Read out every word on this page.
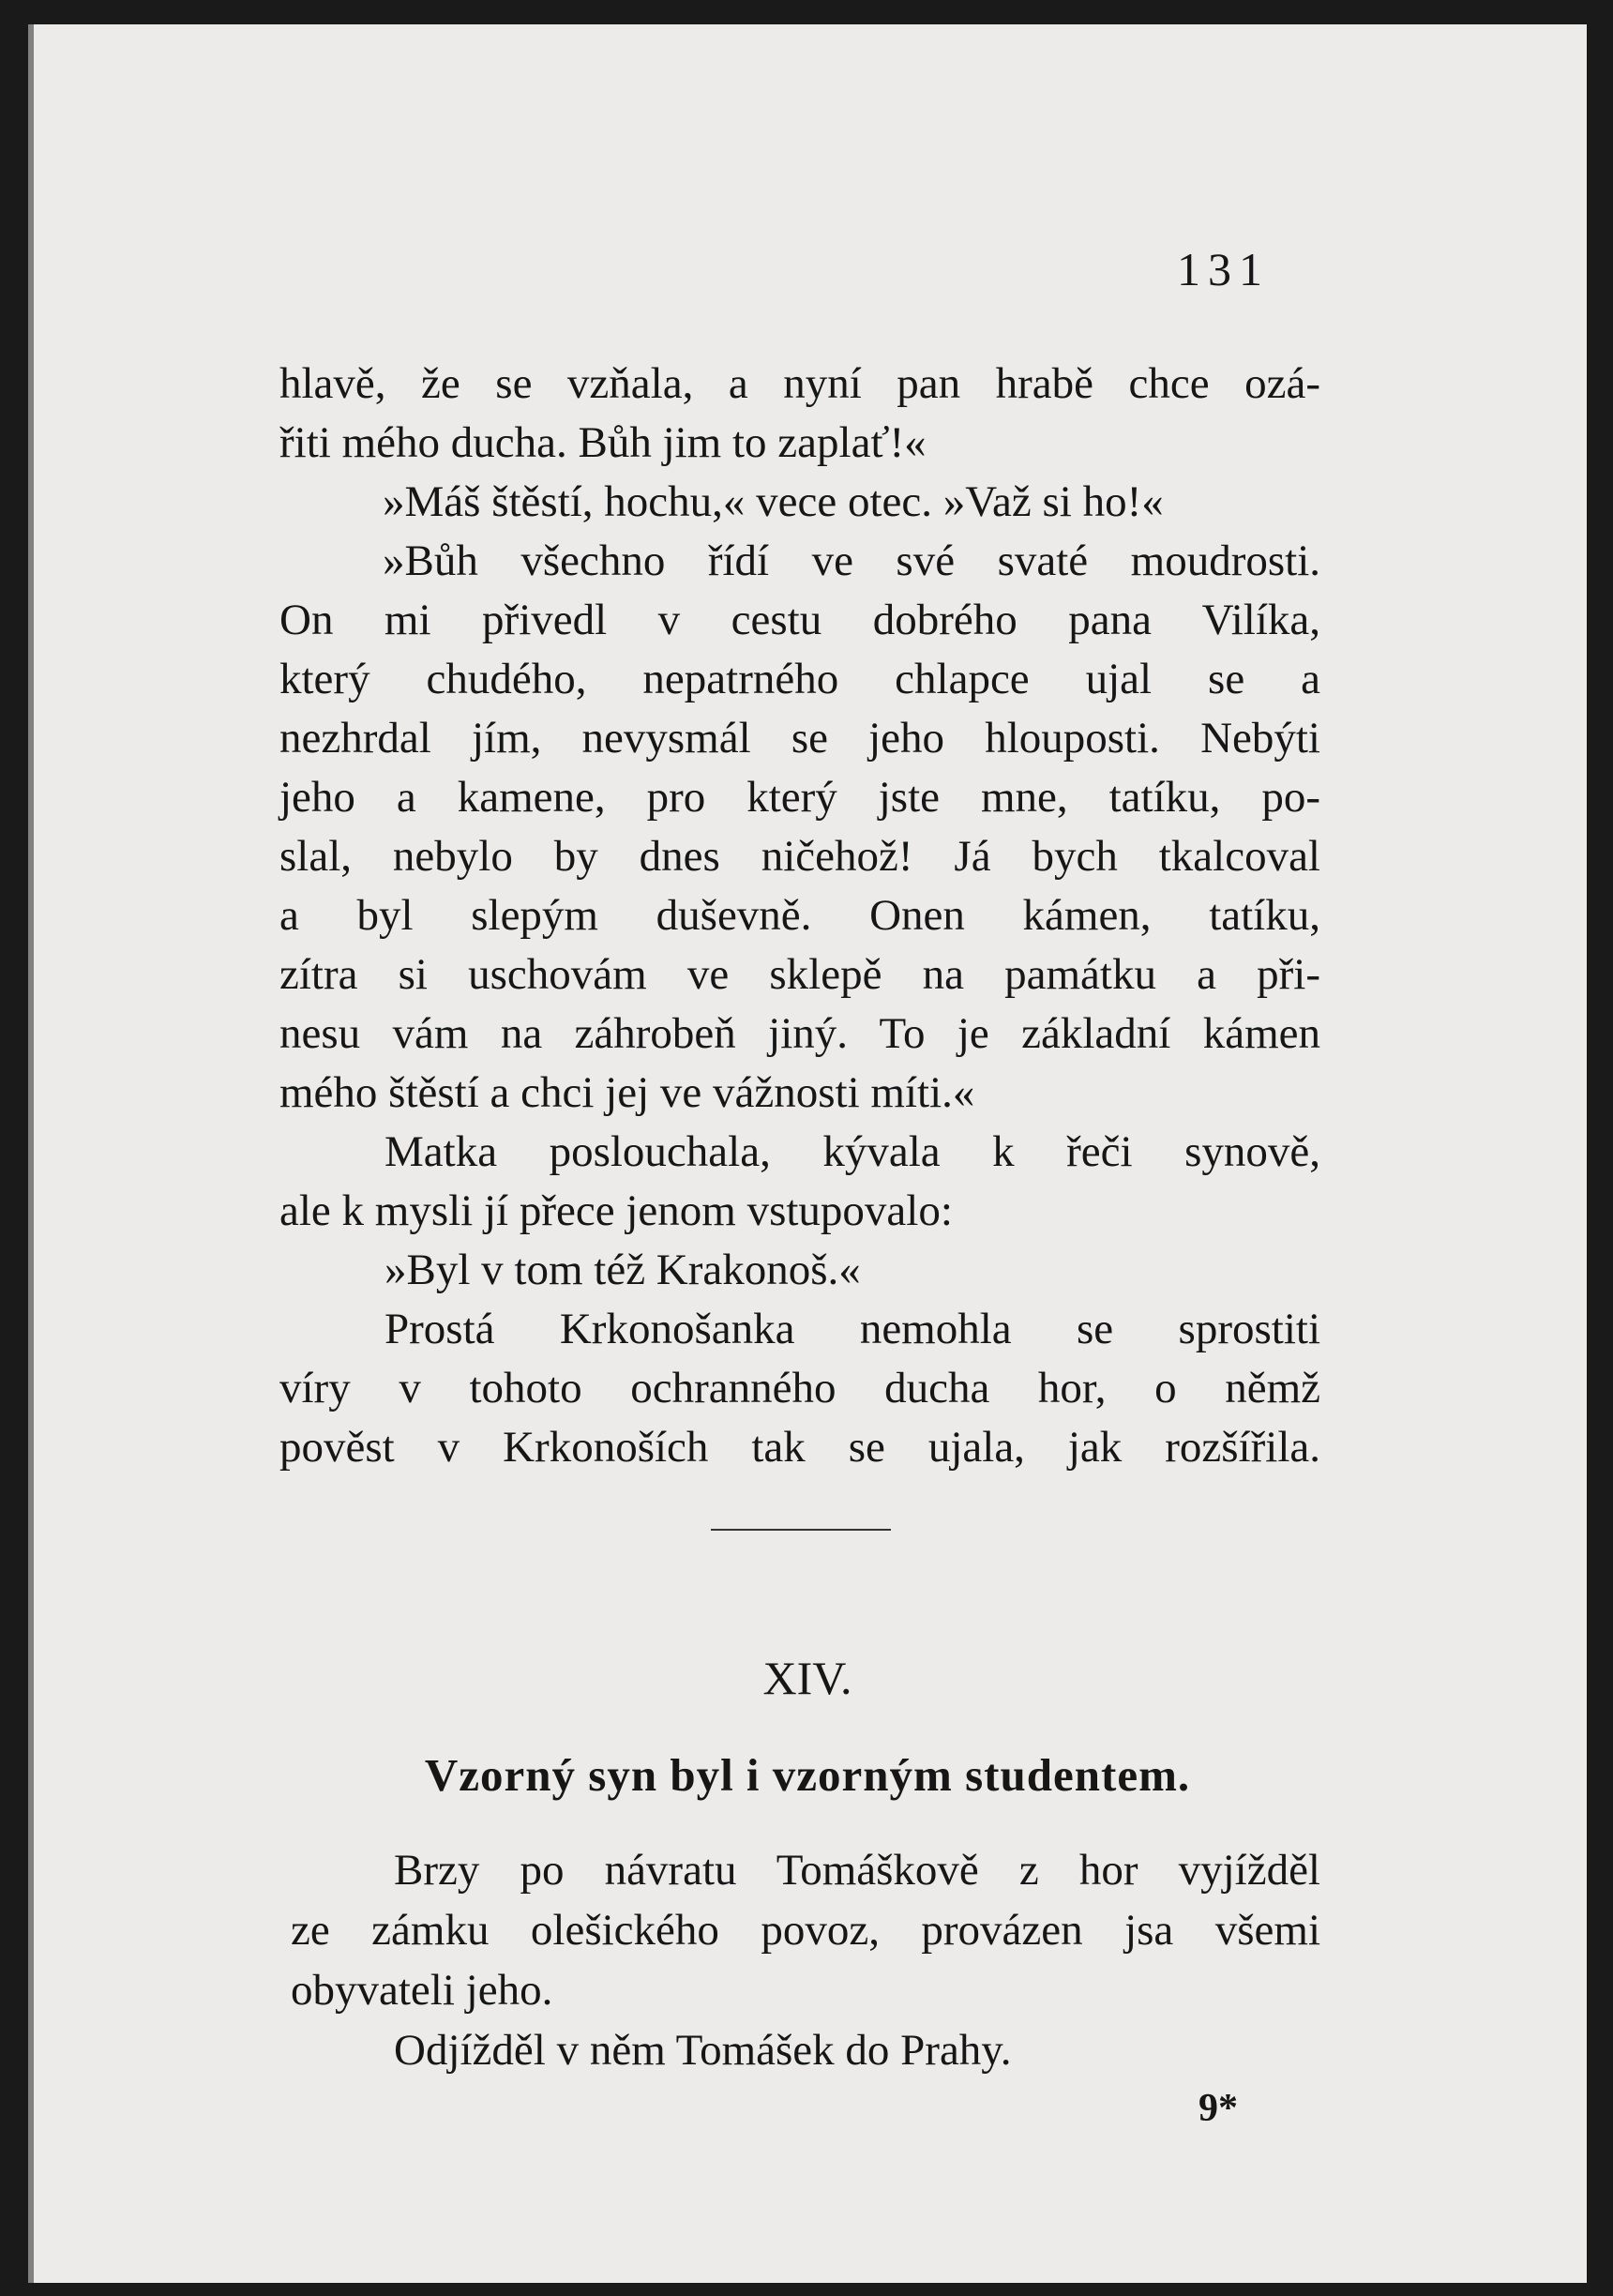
131
hlavě, že se vzňala, a nyní pan hrabě chce ozá-
řiti mého ducha. Bůh jim to zaplať!«
»Máš štěstí, hochu,« vece otec. »Važ si ho!«
»Bůh všechno řídí ve své svaté moudrosti.
On mi přivedl v cestu dobrého pana Vilíka,
který chudého, nepatrného chlapce ujal se a
nezhrdal jím, nevysmál se jeho hlouposti. Nebýti
jeho a kamene, pro který jste mne, tatíku, po-
slal, nebylo by dnes ničehož! Já bych tkalcoval
a byl slepým duševně. Onen kámen, tatíku,
zítra si uschovám ve sklepě na památku a při-
nesu vám na záhrobeň jiný. To je základní kámen
mého štěstí a chci jej ve vážnosti míti.«
Matka poslouchala, kývala k řeči synově,
ale k mysli jí přece jenom vstupovalo:
»Byl v tom též Krakonoš.«
Prostá Krkonošanka nemohla se sprostiti
víry v tohoto ochranného ducha hor, o němž
pověst v Krkonoších tak se ujala, jak rozšířila.
XIV.
Vzorný syn byl i vzorným studentem.
Brzy po návratu Tomáškově z hor vyjížděl
ze zámku olešického povoz, provázen jsa všemi
obyvateli jeho.
Odjížděl v něm Tomášek do Prahy.
9*
